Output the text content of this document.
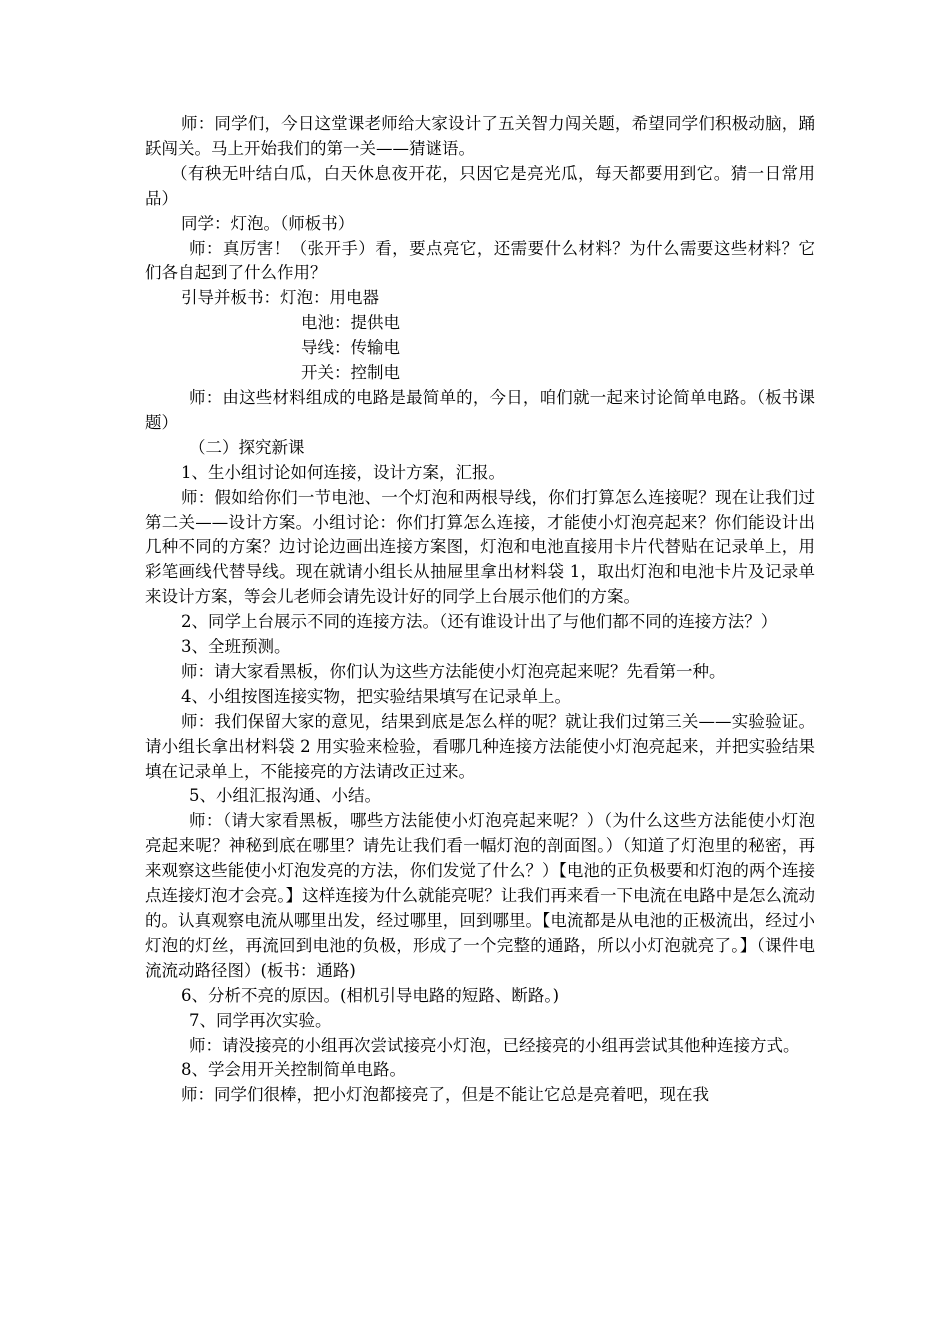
师：同学们，今日这堂课老师给大家设计了五关智力闯关题，希望同学们积极动脑，踊跃闯关。马上开始我们的第一关——猜谜语。

（有秧无叶结白瓜，白天休息夜开花，只因它是亮光瓜，每天都要用到它。猜一日常用品）

同学：灯泡。（师板书）

师：真厉害！（张开手）看，要点亮它，还需要什么材料？为什么需要这些材料？它们各自起到了什么作用？

引导并板书：灯泡：用电器

电池：提供电

导线：传输电

开关：控制电

师：由这些材料组成的电路是最简单的，今日，咱们就一起来讨论简单电路。（板书课题）

（二）探究新课

1、生小组讨论如何连接，设计方案，汇报。

师：假如给你们一节电池、一个灯泡和两根导线，你们打算怎么连接呢？现在让我们过第二关——设计方案。小组讨论：你们打算怎么连接，才能使小灯泡亮起来？你们能设计出几种不同的方案？边讨论边画出连接方案图，灯泡和电池直接用卡片代替贴在记录单上，用彩笔画线代替导线。现在就请小组长从抽屉里拿出材料袋 1，取出灯泡和电池卡片及记录单来设计方案，等会儿老师会请先设计好的同学上台展示他们的方案。

2、同学上台展示不同的连接方法。（还有谁设计出了与他们都不同的连接方法？）

3、全班预测。

师：请大家看黑板，你们认为这些方法能使小灯泡亮起来呢？先看第一种。

4、小组按图连接实物，把实验结果填写在记录单上。

师：我们保留大家的意见，结果到底是怎么样的呢？就让我们过第三关——实验验证。请小组长拿出材料袋 2 用实验来检验，看哪几种连接方法能使小灯泡亮起来，并把实验结果填在记录单上，不能接亮的方法请改正过来。

5、小组汇报沟通、小结。

师：（请大家看黑板，哪些方法能使小灯泡亮起来呢？）（为什么这些方法能使小灯泡亮起来呢？神秘到底在哪里？请先让我们看一幅灯泡的剖面图。）（知道了灯泡里的秘密，再来观察这些能使小灯泡发亮的方法，你们发觉了什么？）【电池的正负极要和灯泡的两个连接点连接灯泡才会亮。】这样连接为什么就能亮呢？让我们再来看一下电流在电路中是怎么流动的。认真观察电流从哪里出发，经过哪里，回到哪里。【电流都是从电池的正极流出，经过小灯泡的灯丝，再流回到电池的负极，形成了一个完整的通路，所以小灯泡就亮了。】（课件电流流动路径图）(板书：通路)

6、分析不亮的原因。(相机引导电路的短路、断路。)

7、同学再次实验。

师：请没接亮的小组再次尝试接亮小灯泡，已经接亮的小组再尝试其他种连接方式。

8、学会用开关控制简单电路。

师：同学们很棒，把小灯泡都接亮了，但是不能让它总是亮着吧，现在我
